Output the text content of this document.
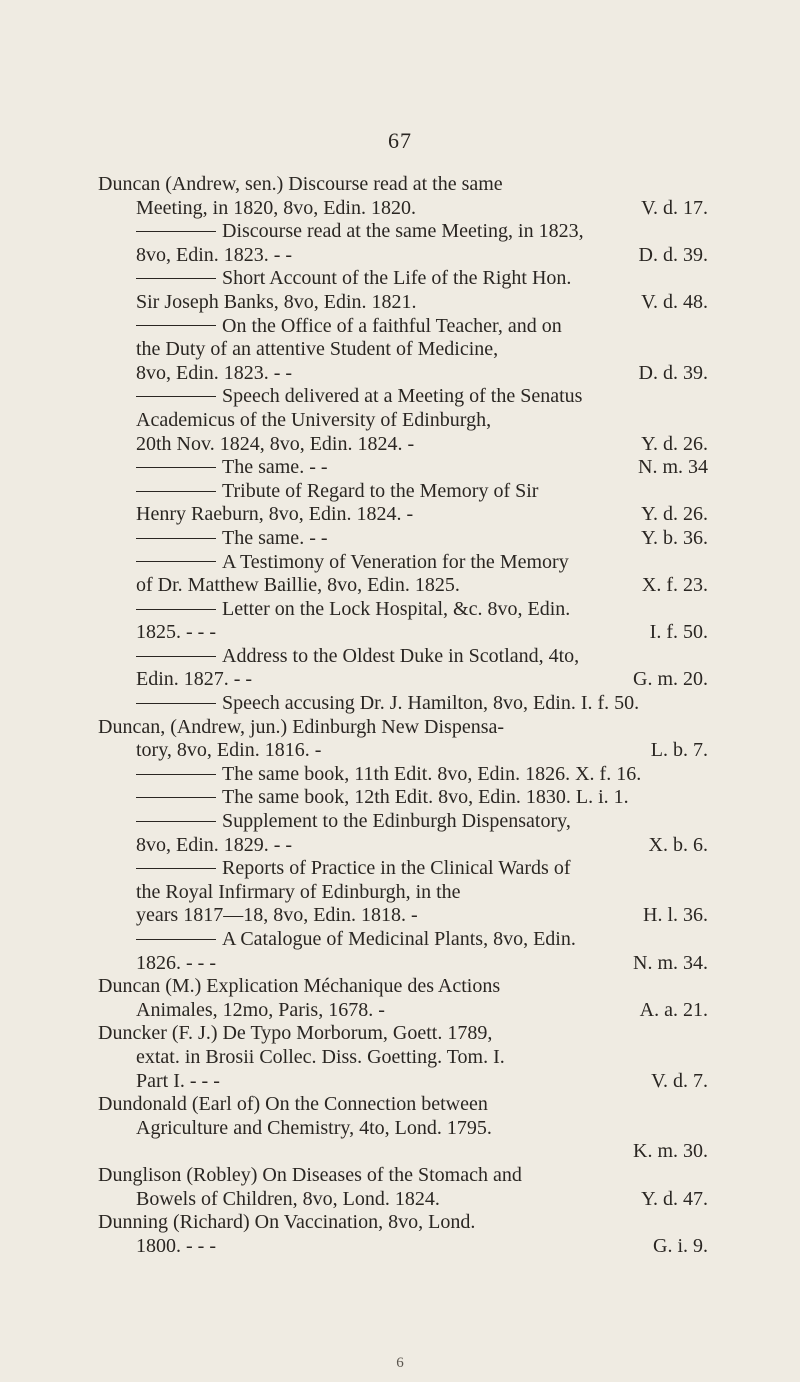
67
Duncan (Andrew, sen.) Discourse read at the same
Meeting, in 1820, 8vo, Edin. 1820.	V. d. 17.
Discourse read at the same Meeting, in 1823,
8vo, Edin. 1823. - -	D. d. 39.
Short Account of the Life of the Right Hon.
Sir Joseph Banks, 8vo, Edin. 1821.	V. d. 48.
On the Office of a faithful Teacher, and on
the Duty of an attentive Student of Medicine,
8vo, Edin. 1823. - -	D. d. 39.
Speech delivered at a Meeting of the Senatus
Academicus of the University of Edinburgh,
20th Nov. 1824, 8vo, Edin. 1824. -	Y. d. 26.
The same. - -	N. m. 34
Tribute of Regard to the Memory of Sir
Henry Raeburn, 8vo, Edin. 1824. -	Y. d. 26.
The same. - -	Y. b. 36.
A Testimony of Veneration for the Memory
of Dr. Matthew Baillie, 8vo, Edin. 1825.	X. f. 23.
Letter on the Lock Hospital, &c. 8vo, Edin.
1825. - - -	I. f. 50.
Address to the Oldest Duke in Scotland, 4to,
Edin. 1827. - -	G. m. 20.
Speech accusing Dr. J. Hamilton, 8vo, Edin. I. f. 50.
Duncan, (Andrew, jun.) Edinburgh New Dispensa-
tory, 8vo, Edin. 1816. -	L. b. 7.
The same book, 11th Edit. 8vo, Edin. 1826. X. f. 16.
The same book, 12th Edit. 8vo, Edin. 1830. L. i. 1.
Supplement to the Edinburgh Dispensatory,
8vo, Edin. 1829. - -	X. b. 6.
Reports of Practice in the Clinical Wards of
the Royal Infirmary of Edinburgh, in the
years 1817—18, 8vo, Edin. 1818. -	H. l. 36.
A Catalogue of Medicinal Plants, 8vo, Edin.
1826. - - -	N. m. 34.
Duncan (M.) Explication Méchanique des Actions
Animales, 12mo, Paris, 1678. -	A. a. 21.
Duncker (F. J.) De Typo Morborum, Goett. 1789,
extat. in Brosii Collec. Diss. Goetting. Tom. I.
Part I. - - -	V. d. 7.
Dundonald (Earl of) On the Connection between
Agriculture and Chemistry, 4to, Lond. 1795.
K. m. 30.
Dunglison (Robley) On Diseases of the Stomach and
Bowels of Children, 8vo, Lond. 1824.	Y. d. 47.
Dunning (Richard) On Vaccination, 8vo, Lond.
1800. - - -	G. i. 9.
6
